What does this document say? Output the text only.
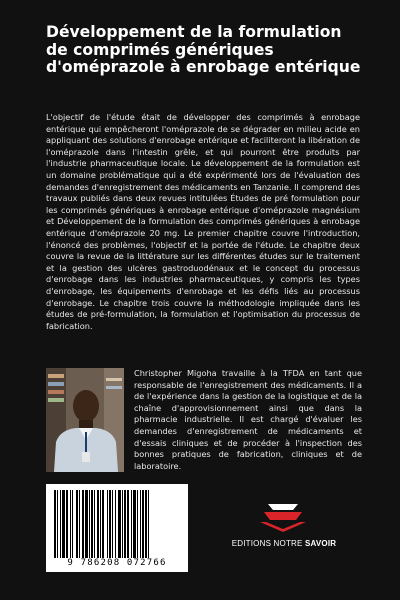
Développement de la formulation de comprimés génériques d'oméprazole à enrobage entérique

L'objectif de l'étude était de développer des comprimés à enrobage entérique qui empêcheront l'oméprazole de se dégrader en milieu acide en appliquant des solutions d'enrobage entérique et faciliteront la libération de l'oméprazole dans l'intestin grêle, et qui pourront être produits par l'industrie pharmaceutique locale. Le développement de la formulation est un domaine problématique qui a été expérimenté lors de l'évaluation des demandes d'enregistrement des médicaments en Tanzanie. Il comprend des travaux publiés dans deux revues intitulées Études de pré formulation pour les comprimés génériques à enrobage entérique d'oméprazole magnésium et Développement de la formulation des comprimés génériques à enrobage entérique d'oméprazole 20 mg. Le premier chapitre couvre l'introduction, l'énoncé des problèmes, l'objectif et la portée de l'étude. Le chapitre deux couvre la revue de la littérature sur les différentes études sur le traitement et la gestion des ulcères gastroduodénaux et le concept du processus d'enrobage dans les industries pharmaceutiques, y compris les types d'enrobage, les équipements d'enrobage et les défis liés au processus d'enrobage. Le chapitre trois couvre la méthodologie impliquée dans les études de pré-formulation, la formulation et l'optimisation du processus de fabrication.

Christopher Migoha travaille à la TFDA en tant que responsable de l'enregistrement des médicaments. Il a de l'expérience dans la gestion de la logistique et de la chaîne d'approvisionnement ainsi que dans la pharmacie industrielle. Il est chargé d'évaluer les demandes d'enregistrement de médicaments et d'essais cliniques et de procéder à l'inspection des bonnes pratiques de fabrication, cliniques et de laboratoire.

9 786208 072766
EDITIONS NOTRE SAVOIR
